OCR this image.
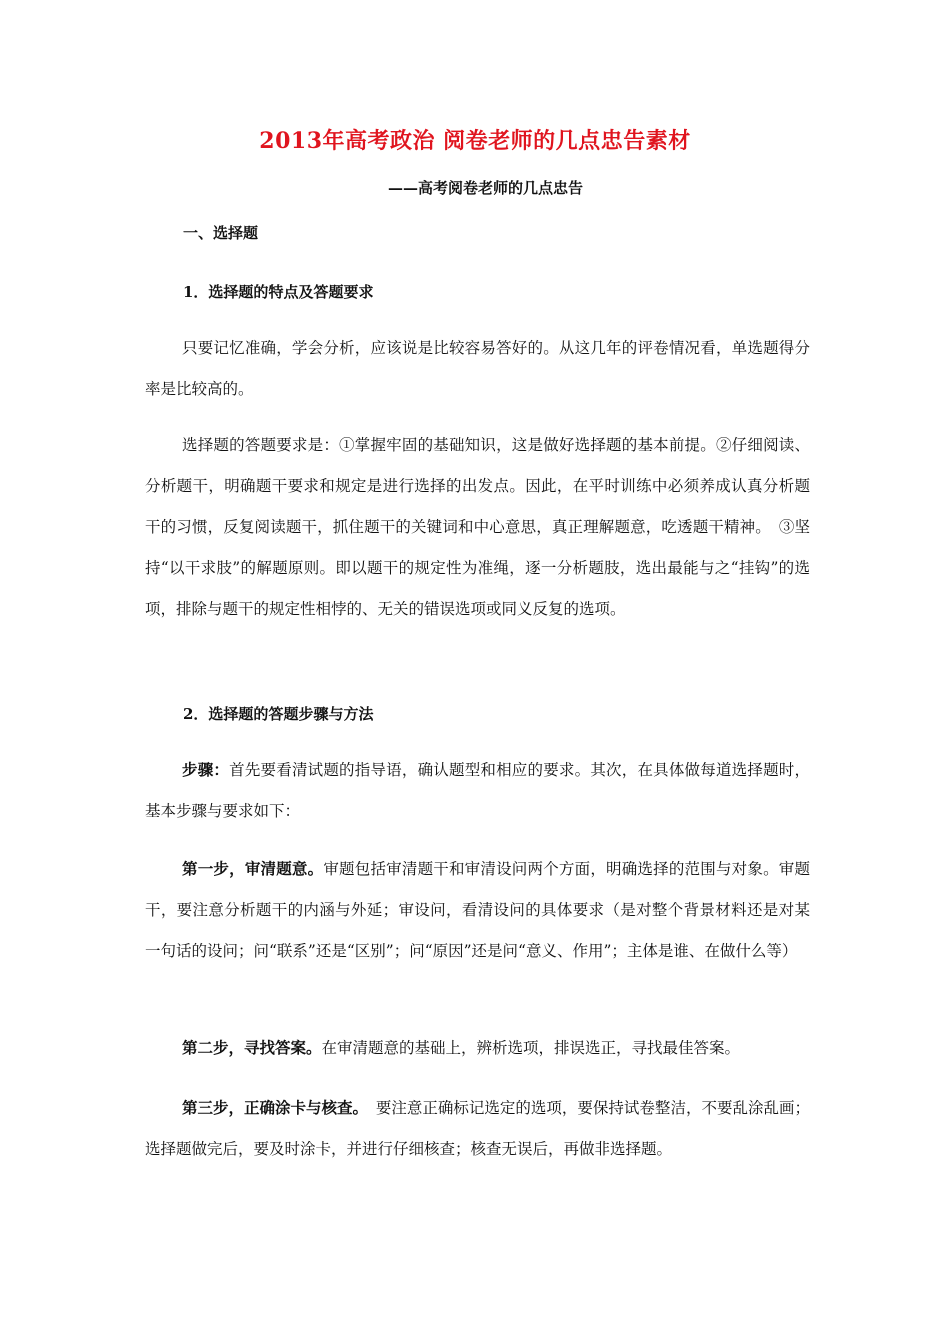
2013年高考政治 阅卷老师的几点忠告素材
——高考阅卷老师的几点忠告
一、选择题
1．选择题的特点及答题要求

只要记忆准确，学会分析，应该说是比较容易答好的。从这几年的评卷情况看，单选题得分率是比较高的。

选择题的答题要求是：①掌握牢固的基础知识，这是做好选择题的基本前提。②仔细阅读、分析题干，明确题干要求和规定是进行选择的出发点。因此，在平时训练中必须养成认真分析题干的习惯，反复阅读题干，抓住题干的关键词和中心意思，真正理解题意，吃透题干精神。　③坚持“以干求肢”的解题原则。即以题干的规定性为准绳，逐一分析题肢，选出最能与之“挂钩”的选项，排除与题干的规定性相悖的、无关的错误选项或同义反复的选项。

2．选择题的答题步骤与方法

步骤：首先要看清试题的指导语，确认题型和相应的要求。其次，在具体做每道选择题时，基本步骤与要求如下：

第一步，审清题意。审题包括审清题干和审清设问两个方面，明确选择的范围与对象。审题干，要注意分析题干的内涵与外延；审设问，看清设问的具体要求（是对整个背景材料还是对某一句话的设问；问“联系”还是“区别”；问“原因”还是问“意义、作用”；主体是谁、在做什么等）

第二步，寻找答案。在审清题意的基础上，辨析选项，排误选正，寻找最佳答案。

第三步，正确涂卡与核查。　要注意正确标记选定的选项，要保持试卷整洁，不要乱涂乱画；选择题做完后，要及时涂卡，并进行仔细核查；核查无误后，再做非选择题。
